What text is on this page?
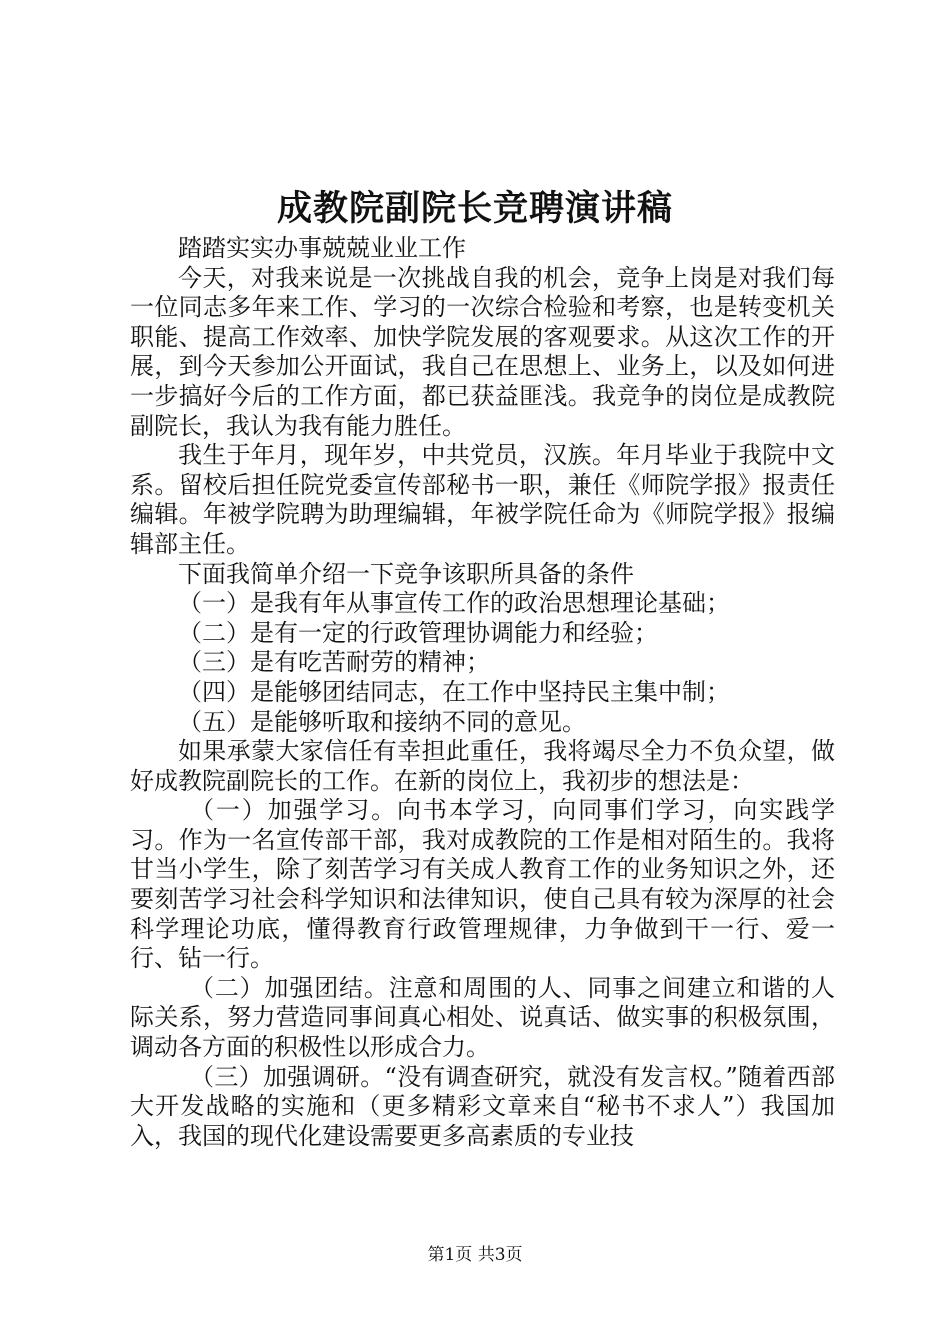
成教院副院长竞聘演讲稿

踏踏实实办事兢兢业业工作

今天，对我来说是一次挑战自我的机会，竞争上岗是对我们每一位同志多年来工作、学习的一次综合检验和考察，也是转变机关职能、提高工作效率、加快学院发展的客观要求。从这次工作的开展，到今天参加公开面试，我自己在思想上、业务上，以及如何进一步搞好今后的工作方面，都已获益匪浅。我竞争的岗位是成教院副院长，我认为我有能力胜任。

我生于年月，现年岁，中共党员，汉族。年月毕业于我院中文系。留校后担任院党委宣传部秘书一职，兼任《师院学报》报责任编辑。年被学院聘为助理编辑，年被学院任命为《师院学报》报编辑部主任。

下面我简单介绍一下竞争该职所具备的条件

（一）是我有年从事宣传工作的政治思想理论基础；

（二）是有一定的行政管理协调能力和经验；

（三）是有吃苦耐劳的精神；

（四）是能够团结同志，在工作中坚持民主集中制；

（五）是能够听取和接纳不同的意见。

如果承蒙大家信任有幸担此重任，我将竭尽全力不负众望，做好成教院副院长的工作。在新的岗位上，我初步的想法是：

（一）加强学习。向书本学习，向同事们学习，向实践学习。作为一名宣传部干部，我对成教院的工作是相对陌生的。我将甘当小学生，除了刻苦学习有关成人教育工作的业务知识之外，还要刻苦学习社会科学知识和法律知识，使自己具有较为深厚的社会科学理论功底，懂得教育行政管理规律，力争做到干一行、爱一行、钻一行。

（二）加强团结。注意和周围的人、同事之间建立和谐的人际关系，努力营造同事间真心相处、说真话、做实事的积极氛围，调动各方面的积极性以形成合力。

（三）加强调研。“没有调查研究，就没有发言权。”随着西部大开发战略的实施和（更多精彩文章来自“秘书不求人”）我国加入，我国的现代化建设需要更多高素质的专业技

第1页 共3页
